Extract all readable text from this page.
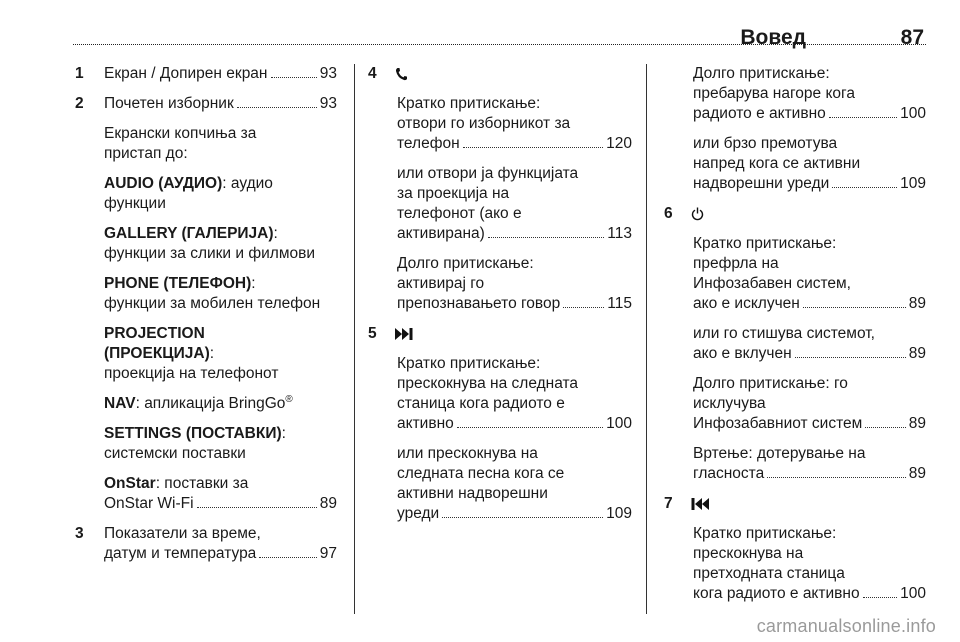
Вовед	87
1 Екран / Допирен екран	93
2 Почетен изборник	93
Екрански копчиња за
пристап до:
AUDIO (АУДИО): аудио
функции
GALLERY (ГАЛЕРИЈА):
функции за слики и филмови
PHONE (ТЕЛЕФОН):
функции за мобилен телефон
PROJECTION
(ПРОЕКЦИЈА):
проекција на телефонот
NAV: апликација BringGo®
SETTINGS (ПОСТАВКИ):
системски поставки
OnStar: поставки за
OnStar Wi-Fi	89
3 Показатели за време,
датум и температура	97
4
Кратко притискање:
отвори го изборникот за
телефон	120
или отвори ја функцијата
за проекција на
телефонот (ако е
активирана)	113
Долго притискање:
активирај го
препознавањето говор	115
5
Кратко притискање:
прескокнува на следната
станица кога радиото е
активно	100
или прескокнува на
следната песна кога се
активни надворешни
уреди	109
Долго притискање:
пребарува нагоре кога
радиото е активно	100
или брзо премотува
напред кога се активни
надворешни уреди	109
6
Кратко притискање:
префрла на
Инфозабавен систем,
ако е исклучен	89
или го стишува системот,
ако е вклучен	89
Долго притискање: го
исклучува
Инфозабавниот систем	89
Вртење: дотерување на
гласноста	89
7
Кратко притискање:
прескокнува на
претходната станица
кога радиото е активно	100
carmanualsonline.info
